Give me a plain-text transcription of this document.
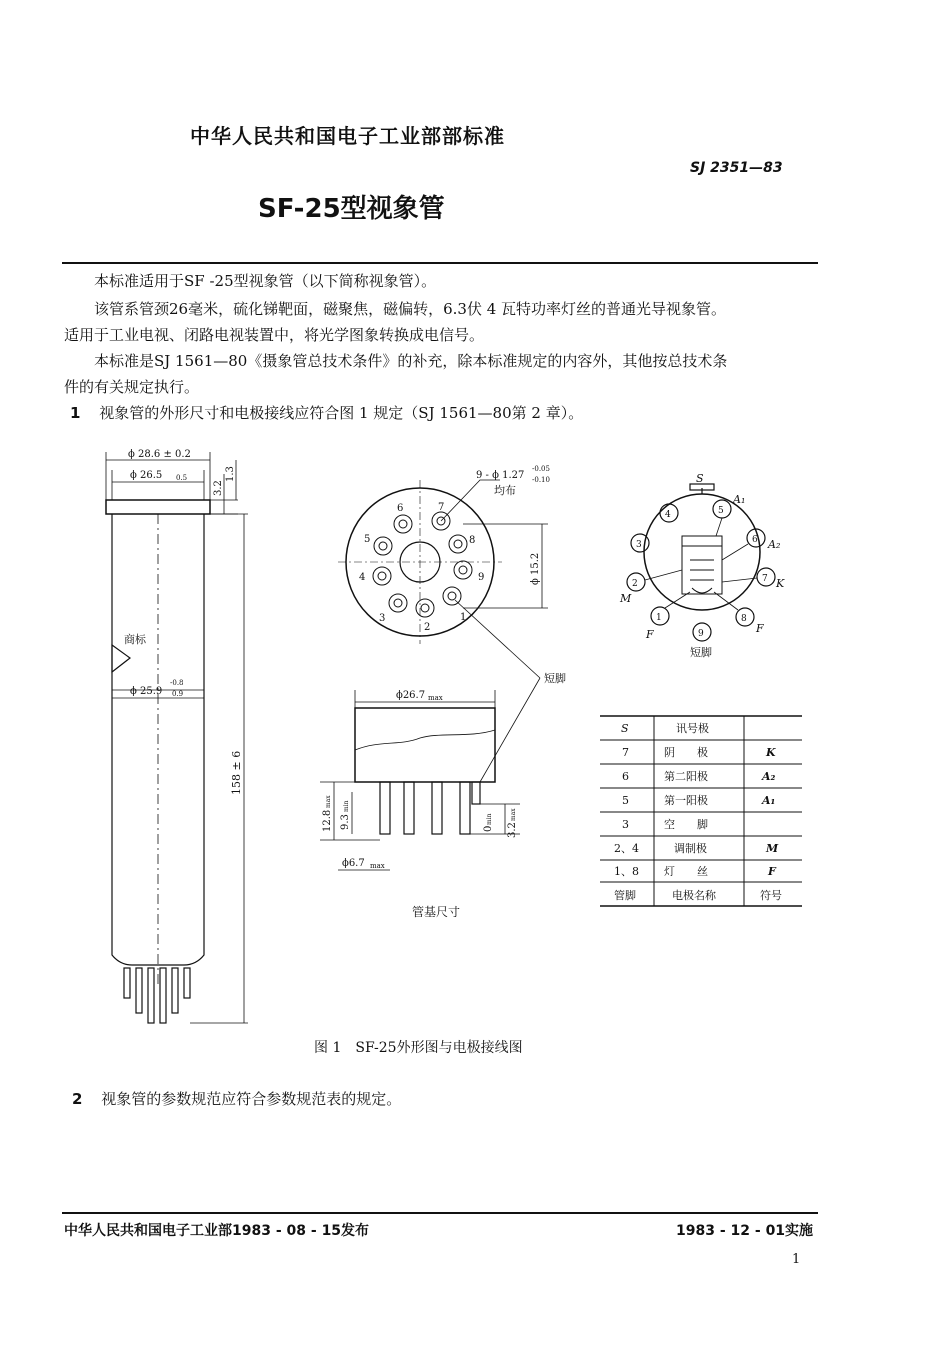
中华人民共和国电子工业部部标准
SJ 2351—83
SF-25型视象管
本标准适用于SF -25型视象管（以下简称视象管）。
该管系管颈26毫米，硫化锑靶面，磁聚焦，磁偏转，6.3伏 4 瓦特功率灯丝的普通光导视象管。
适用于工业电视、闭路电视装置中，将光学图象转换成电信号。
本标准是SJ 1561—80《摄象管总技术条件》的补充，除本标准规定的内容外，其他按总技术条
件的有关规定执行。
1 视象管的外形尺寸和电极接线应符合图 1 规定（SJ 1561—80第 2 章）。
ϕ 28.6 ± 0.2
ϕ 26.5 0.5
3.2
1.3
商标
ϕ 25.9
-0.8
0.9
158 ± 6
9 - ϕ 1.27
-0.05
-0.10
均布
ϕ 15.2
1
2
3
4
5
6	7
8
9
短脚
ϕ26.7 max
12.8
max
9.3
min
0
min
3.2
max
ϕ6.7 max
管基尺寸
1
2
3
4	5
6
7
8
9
S
A₁
A₂
K
M
F	F
短脚
S	讯号极
7	阴　　极	K
6	第二阳极	A₂
5	第一阳极	A₁
3	空　　脚
2、4	调制极	M
1、8 灯　　丝	F
管脚	电极名称	符号
图 1　SF-25外形图与电极接线图
2 视象管的参数规范应符合参数规范表的规定。
中华人民共和国电子工业部1983 - 08 - 15发布	1983 - 12 - 01实施
1
